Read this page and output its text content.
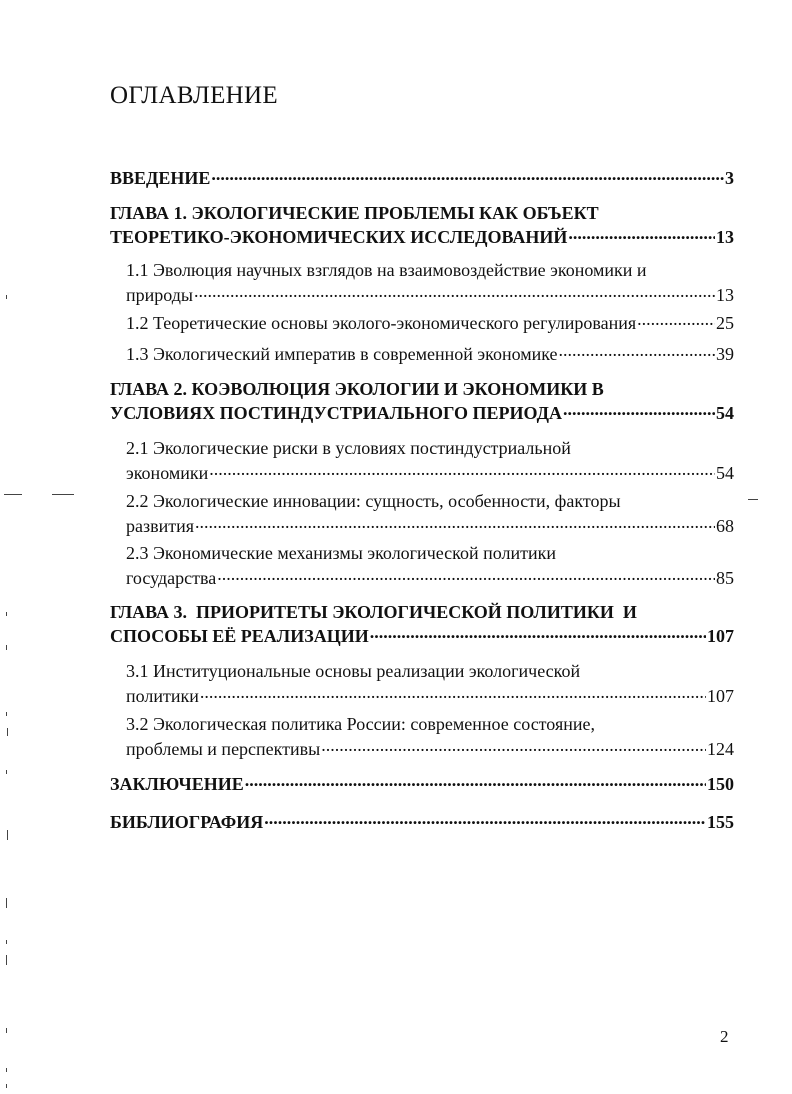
ОГЛАВЛЕНИЕ
ВВЕДЕНИЕ .....	3
ГЛАВА 1. ЭКОЛОГИЧЕСКИЕ ПРОБЛЕМЫ КАК ОБЪЕКТ
ТЕОРЕТИКО-ЭКОНОМИЧЕСКИХ ИССЛЕДОВАНИЙ .....	13
1.1 Эволюция научных взглядов на взаимовоздействие экономики и
природы .....	13
1.2 Теоретические основы эколого-экономического регулирования .....	25
1.3 Экологический императив в современной экономике .....	39
ГЛАВА 2. КОЭВОЛЮЦИЯ ЭКОЛОГИИ И ЭКОНОМИКИ В
УСЛОВИЯХ ПОСТИНДУСТРИАЛЬНОГО ПЕРИОДА .....	54
2.1 Экологические риски в условиях постиндустриальной
экономики .....	54
2.2 Экологические инновации: сущность, особенности, факторы
развития .....	68
2.3 Экономические механизмы экологической политики
государства .....	85
ГЛАВА 3.  ПРИОРИТЕТЫ ЭКОЛОГИЧЕСКОЙ ПОЛИТИКИ  И
СПОСОБЫ ЕЁ РЕАЛИЗАЦИИ .....	107
3.1 Институциональные основы реализации экологической
политики .....	107
3.2 Экологическая политика России: современное состояние,
проблемы и перспективы .....	124
ЗАКЛЮЧЕНИЕ .....	150
БИБЛИОГРАФИЯ .....	155
2
